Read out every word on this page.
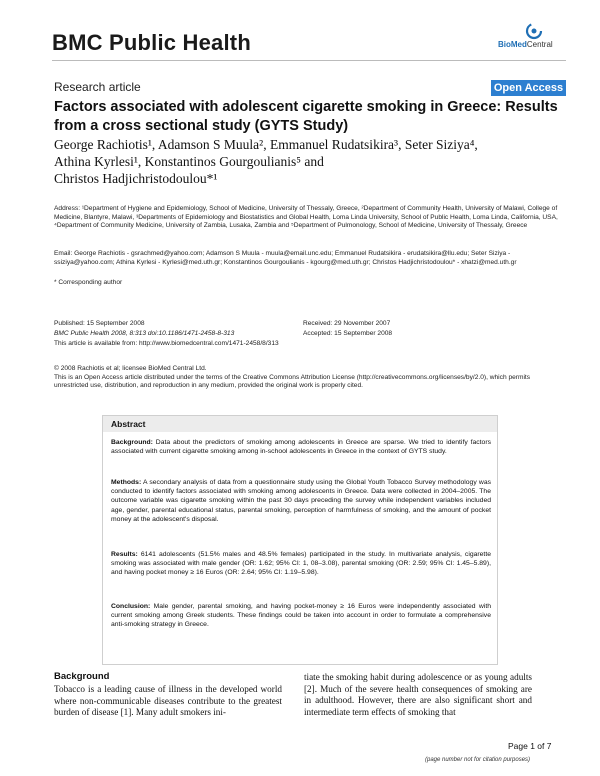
BMC Public Health	BioMedCentral
Research article	Open Access
Factors associated with adolescent cigarette smoking in Greece: Results from a cross sectional study (GYTS Study)
George Rachiotis¹, Adamson S Muula², Emmanuel Rudatsikira³, Seter Siziya⁴,
Athina Kyrlesi¹, Konstantinos Gourgoulianis⁵ and
Christos Hadjichristodoulou*¹
Address: ¹Department of Hygiene and Epidemiology, School of Medicine, University of Thessaly, Greece, ²Department of Community Health, University of Malawi, College of Medicine, Blantyre, Malawi, ³Departments of Epidemiology and Biostatistics and Global Health, Loma Linda University, School of Public Health, Loma Linda, California, USA, ⁴Department of Community Medicine, University of Zambia, Lusaka, Zambia and ⁵Department of Pulmonology, School of Medicine, University of Thessaly, Greece
Email: George Rachiotis - gsrachmed@yahoo.com; Adamson S Muula - muula@email.unc.edu; Emmanuel Rudatsikira - erudatsikira@llu.edu; Seter Siziya - ssiziya@yahoo.com; Athina Kyrlesi - Kyrlesi@med.uth.gr; Konstantinos Gourgoulianis - kgourg@med.uth.gr; Christos Hadjichristodoulou* - xhatzi@med.uth.gr
* Corresponding author
Published: 15 September 2008
BMC Public Health 2008, 8:313 doi:10.1186/1471-2458-8-313
This article is available from: http://www.biomedcentral.com/1471-2458/8/313
Received: 29 November 2007
Accepted: 15 September 2008
© 2008 Rachiotis et al; licensee BioMed Central Ltd.
This is an Open Access article distributed under the terms of the Creative Commons Attribution License (http://creativecommons.org/licenses/by/2.0), which permits unrestricted use, distribution, and reproduction in any medium, provided the original work is properly cited.
Abstract
Background: Data about the predictors of smoking among adolescents in Greece are sparse. We tried to identify factors associated with current cigarette smoking among in-school adolescents in Greece in the context of GYTS study.
Methods: A secondary analysis of data from a questionnaire study using the Global Youth Tobacco Survey methodology was conducted to identify factors associated with smoking among adolescents in Greece. Data were collected in 2004–2005. The outcome variable was cigarette smoking within the past 30 days preceding the survey while independent variables included age, gender, parental educational status, parental smoking, perception of harmfulness of smoking, and the amount of pocket money at the adolescent's disposal.
Results: 6141 adolescents (51.5% males and 48.5% females) participated in the study. In multivariate analysis, cigarette smoking was associated with male gender (OR: 1.62; 95% CI: 1, 08–3.08), parental smoking (OR: 2.59; 95% CI: 1.45–5.89), and having pocket money ≥ 16 Euros (OR: 2.64; 95% CI: 1.19–5.98).
Conclusion: Male gender, parental smoking, and having pocket-money ≥ 16 Euros were independently associated with current smoking among Greek students. These findings could be taken into account in order to formulate a comprehensive anti-smoking strategy in Greece.
Background
Tobacco is a leading cause of illness in the developed world where non-communicable diseases contribute to the greatest burden of disease [1]. Many adult smokers ini-
tiate the smoking habit during adolescence or as young adults [2]. Much of the severe health consequences of smoking are in adulthood. However, there are also significant short and intermediate term effects of smoking that
Page 1 of 7
(page number not for citation purposes)
